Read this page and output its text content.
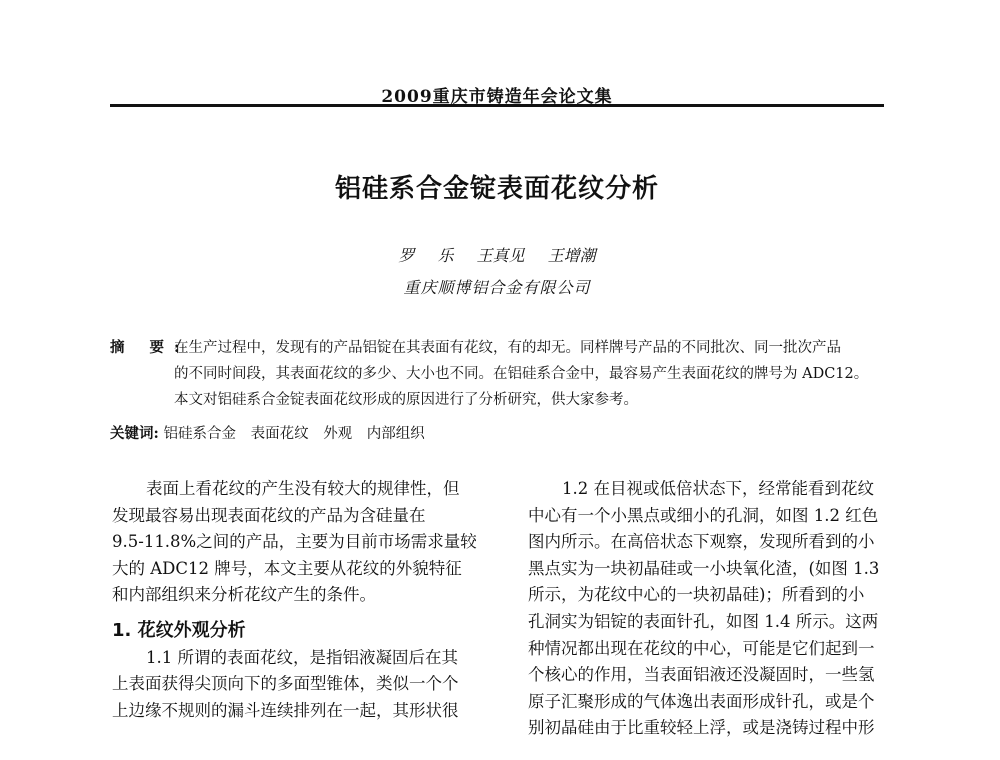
2009重庆市铸造年会论文集
铝硅系合金锭表面花纹分析
罗 乐 王真见 王增潮
重庆顺博铝合金有限公司
摘 要:
在生产过程中，发现有的产品铝锭在其表面有花纹，有的却无。同样牌号产品的不同批次、同一批次产品
的不同时间段，其表面花纹的多少、大小也不同。在铝硅系合金中，最容易产生表面花纹的牌号为 ADC12。
本文对铝硅系合金锭表面花纹形成的原因进行了分析研究，供大家参考。
关键词: 铝硅系合金 表面花纹 外观 内部组织
表面上看花纹的产生没有较大的规律性，但
发现最容易出现表面花纹的产品为含硅量在
9.5-11.8%之间的产品，主要为目前市场需求量较
大的 ADC12 牌号，本文主要从花纹的外貌特征
和内部组织来分析花纹产生的条件。
1. 花纹外观分析
1.1 所谓的表面花纹，是指铝液凝固后在其
上表面获得尖顶向下的多面型锥体，类似一个个
上边缘不规则的漏斗连续排列在一起，其形状很
1.2 在目视或低倍状态下，经常能看到花纹
中心有一个小黑点或细小的孔洞，如图 1.2 红色
图内所示。在高倍状态下观察，发现所看到的小
黑点实为一块初晶硅或一小块氧化渣，(如图 1.3
所示，为花纹中心的一块初晶硅)；所看到的小
孔洞实为铝锭的表面针孔，如图 1.4 所示。这两
种情况都出现在花纹的中心，可能是它们起到一
个核心的作用，当表面铝液还没凝固时，一些氢
原子汇聚形成的气体逸出表面形成针孔，或是个
别初晶硅由于比重较轻上浮，或是浇铸过程中形
